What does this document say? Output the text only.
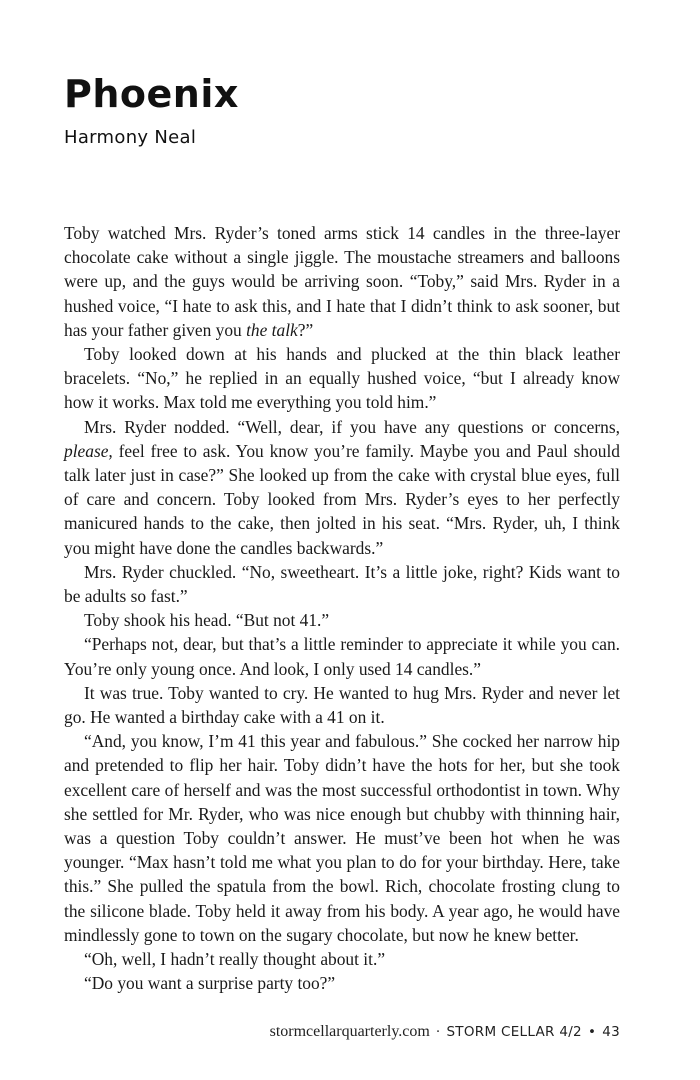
Phoenix
Harmony Neal

Toby watched Mrs. Ryder’s toned arms stick 14 candles in the three-layer chocolate cake without a single jiggle. The moustache streamers and balloons were up, and the guys would be arriving soon. “Toby,” said Mrs. Ryder in a hushed voice, “I hate to ask this, and I hate that I didn’t think to ask sooner, but has your father given you the talk?”

Toby looked down at his hands and plucked at the thin black leather bracelets. “No,” he replied in an equally hushed voice, “but I already know how it works. Max told me everything you told him.”

Mrs. Ryder nodded. “Well, dear, if you have any questions or concerns, please, feel free to ask. You know you’re family. Maybe you and Paul should talk later just in case?” She looked up from the cake with crystal blue eyes, full of care and concern. Toby looked from Mrs. Ryder’s eyes to her perfectly manicured hands to the cake, then jolted in his seat. “Mrs. Ryder, uh, I think you might have done the candles backwards.”

Mrs. Ryder chuckled. “No, sweetheart. It’s a little joke, right? Kids want to be adults so fast.”

Toby shook his head. “But not 41.”

“Perhaps not, dear, but that’s a little reminder to appreciate it while you can. You’re only young once. And look, I only used 14 candles.”

It was true. Toby wanted to cry. He wanted to hug Mrs. Ryder and never let go. He wanted a birthday cake with a 41 on it.

“And, you know, I’m 41 this year and fabulous.” She cocked her narrow hip and pretended to flip her hair. Toby didn’t have the hots for her, but she took excellent care of herself and was the most successful orthodontist in town. Why she settled for Mr. Ryder, who was nice enough but chubby with thinning hair, was a question Toby couldn’t answer. He must’ve been hot when he was younger. “Max hasn’t told me what you plan to do for your birthday. Here, take this.” She pulled the spatula from the bowl. Rich, chocolate frosting clung to the silicone blade. Toby held it away from his body. A year ago, he would have mindlessly gone to town on the sugary chocolate, but now he knew better.

“Oh, well, I hadn’t really thought about it.”

“Do you want a surprise party too?”

stormcellarquarterly.com · STORM CELLAR 4/2 • 43
